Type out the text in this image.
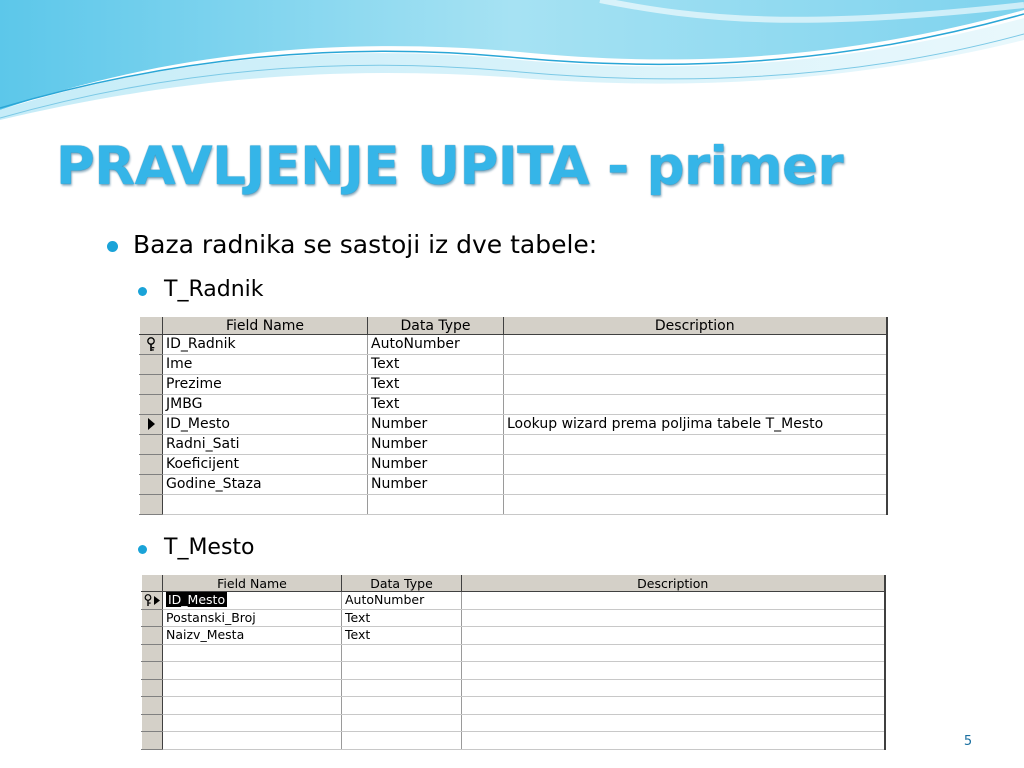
PRAVLJENJE UPITA - primer
Baza radnika se sastoji iz dve tabele:
T_Radnik
	Field Name	Data Type	Description
	ID_Radnik	AutoNumber	
	Ime	Text	
	Prezime	Text	
	JMBG	Text	
	ID_Mesto	Number	Lookup wizard prema poljima tabele T_Mesto
	Radni_Sati	Number	
	Koeficijent	Number	
	Godine_Staza	Number	

T_Mesto
	Field Name	Data Type	Description
	ID_Mesto	AutoNumber	
	Postanski_Broj	Text	
	Naizv_Mesta	Text	

5
